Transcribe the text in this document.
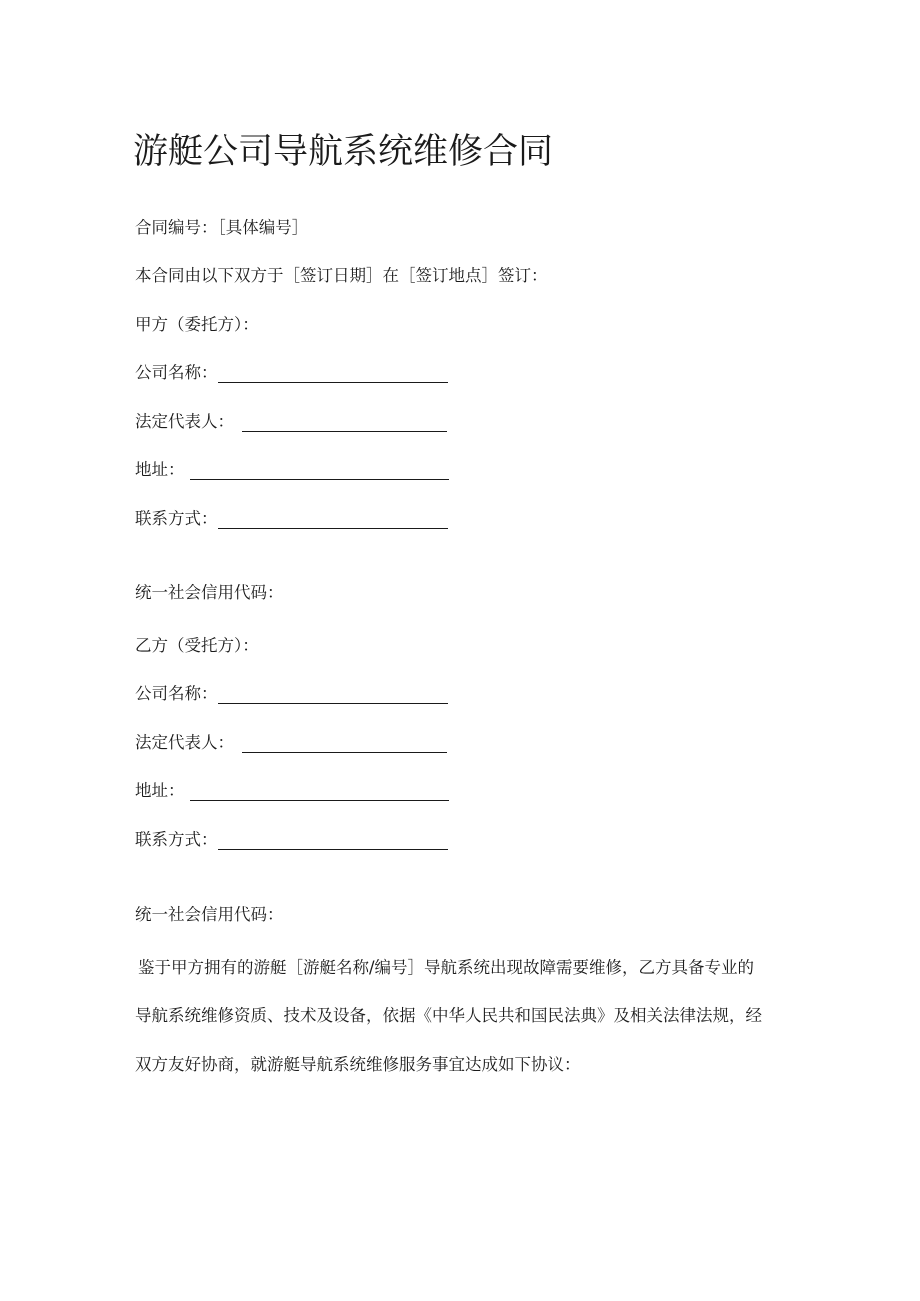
游艇公司导航系统维修合同
合同编号：［具体编号］
本合同由以下双方于［签订日期］在［签订地点］签订：
甲方（委托方）：
公司名称：
法定代表人：
地址：
联系方式：
统一社会信用代码：
乙方（受托方）：
公司名称：
法定代表人：
地址：
联系方式：
统一社会信用代码：
鉴于甲方拥有的游艇［游艇名称/编号］导航系统出现故障需要维修，乙方具备专业的
导航系统维修资质、技术及设备，依据《中华人民共和国民法典》及相关法律法规，经
双方友好协商，就游艇导航系统维修服务事宜达成如下协议：
